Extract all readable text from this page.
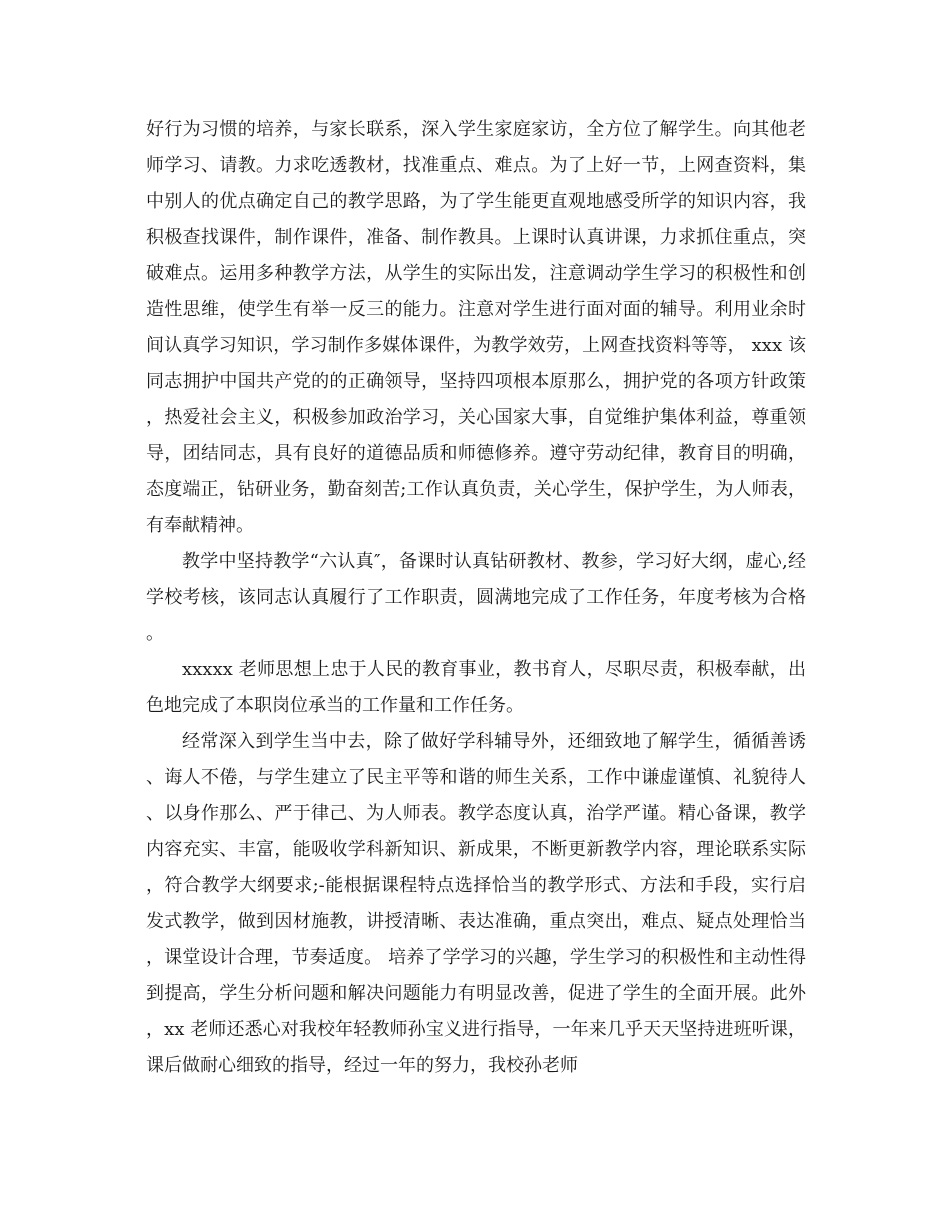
好行为习惯的培养，与家长联系，深入学生家庭家访，全方位了解学生。向其他老师学习、请教。力求吃透教材，找准重点、难点。为了上好一节，上网查资料，集中别人的优点确定自己的教学思路，为了学生能更直观地感受所学的知识内容，我积极查找课件，制作课件，准备、制作教具。上课时认真讲课，力求抓住重点，突破难点。运用多种教学方法，从学生的实际出发，注意调动学生学习的积极性和创造性思维，使学生有举一反三的能力。注意对学生进行面对面的辅导。利用业余时间认真学习知识，学习制作多媒体课件，为教学效劳，上网查找资料等等， xxx 该同志拥护中国共产党的的正确领导，坚持四项根本原那么，拥护党的各项方针政策，热爱社会主义，积极参加政治学习，关心国家大事，自觉维护集体利益，尊重领导，团结同志，具有良好的道德品质和师德修养。遵守劳动纪律，教育目的明确，态度端正，钻研业务，勤奋刻苦;工作认真负责，关心学生，保护学生，为人师表，有奉献精神。

教学中坚持教学“六认真″，备课时认真钻研教材、教参，学习好大纲，虚心,经学校考核，该同志认真履行了工作职责，圆满地完成了工作任务，年度考核为合格。

xxxxx 老师思想上忠于人民的教育事业，教书育人，尽职尽责，积极奉献，出色地完成了本职岗位承当的工作量和工作任务。

经常深入到学生当中去，除了做好学科辅导外，还细致地了解学生，循循善诱、诲人不倦，与学生建立了民主平等和谐的师生关系，工作中谦虚谨慎、礼貌待人、以身作那么、严于律己、为人师表。教学态度认真，治学严谨。精心备课，教学内容充实、丰富，能吸收学科新知识、新成果，不断更新教学内容，理论联系实际，符合教学大纲要求;-能根据课程特点选择恰当的教学形式、方法和手段，实行启发式教学，做到因材施教，讲授清晰、表达准确，重点突出，难点、疑点处理恰当，课堂设计合理，节奏适度。 培养了学学习的兴趣，学生学习的积极性和主动性得到提高，学生分析问题和解决问题能力有明显改善，促进了学生的全面开展。此外，xx 老师还悉心对我校年轻教师孙宝义进行指导，一年来几乎天天坚持进班听课，课后做耐心细致的指导，经过一年的努力，我校孙老师
